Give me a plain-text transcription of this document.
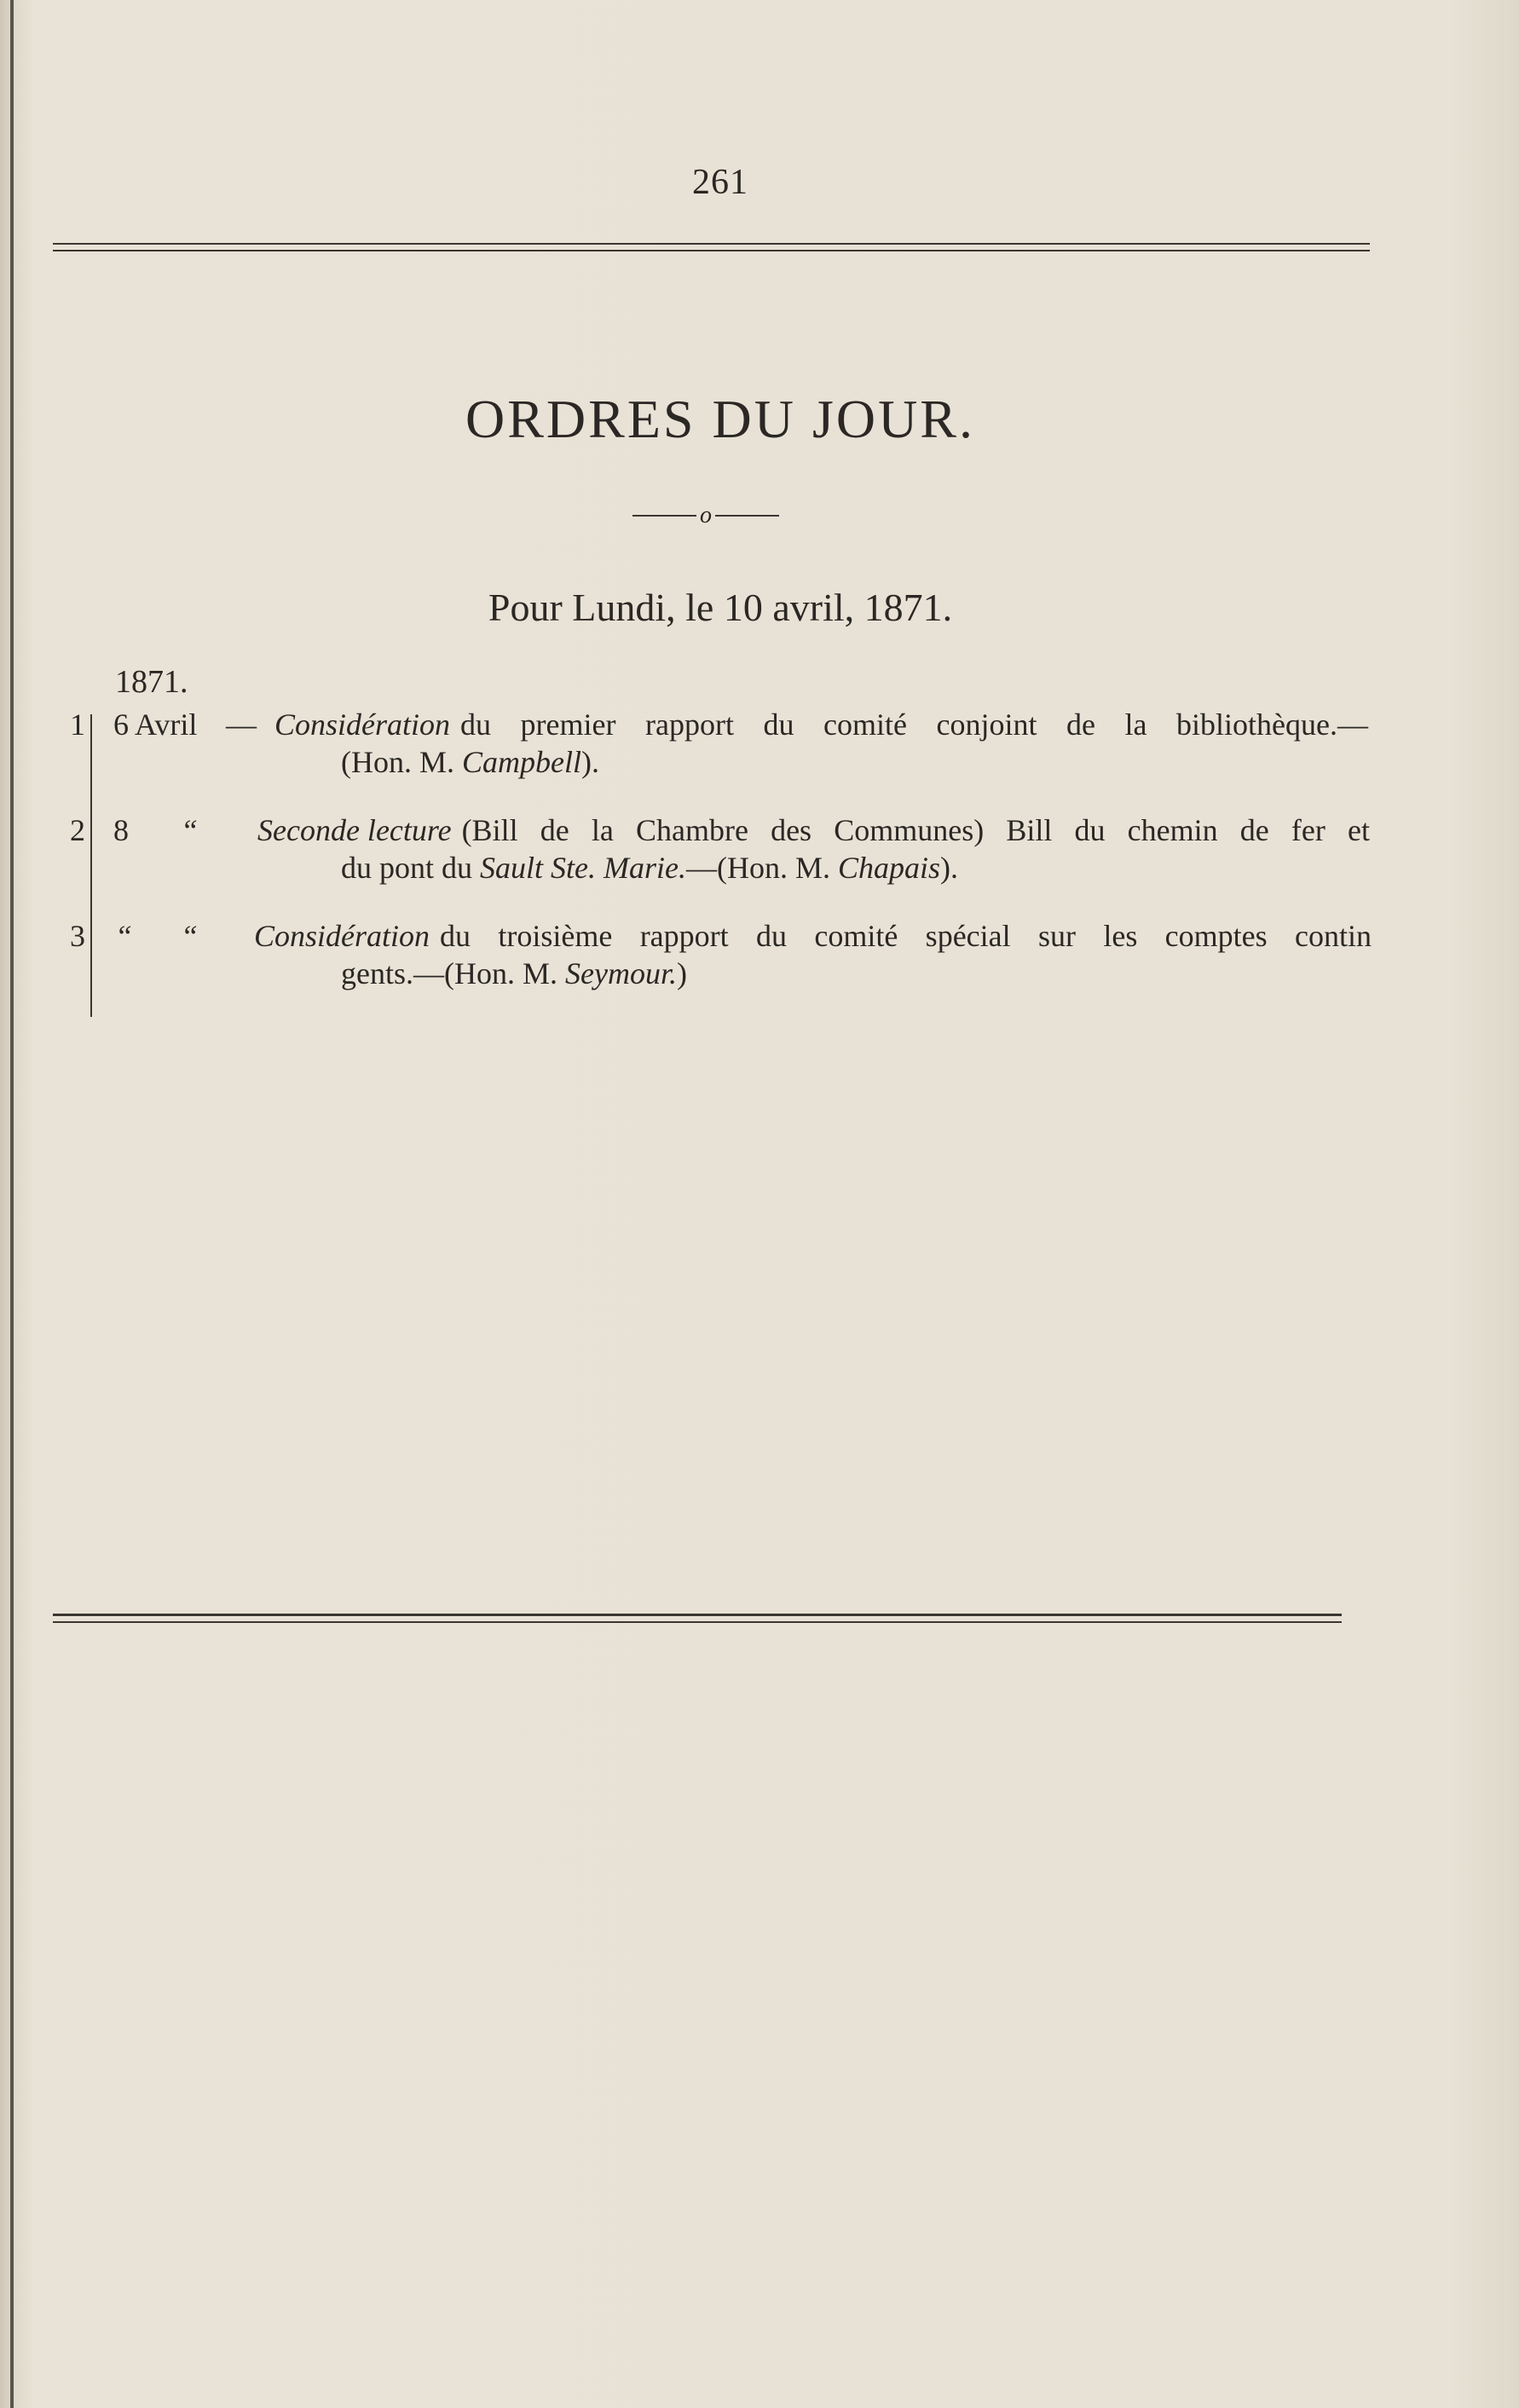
261
ORDRES DU JOUR.
o
Pour Lundi, le 10 avril, 1871.
1871.
1 6 Avril — Considération du premier rapport du comité conjoint de la bibliothèque.—
(Hon. M. Campbell).
2 8 “ Seconde lecture (Bill de la Chambre des Communes) Bill du chemin de fer et
du pont du Sault Ste. Marie.—(Hon. M. Chapais).
3 “ “ Considération du troisième rapport du comité spécial sur les comptes contin
gents.—(Hon. M. Seymour.)
